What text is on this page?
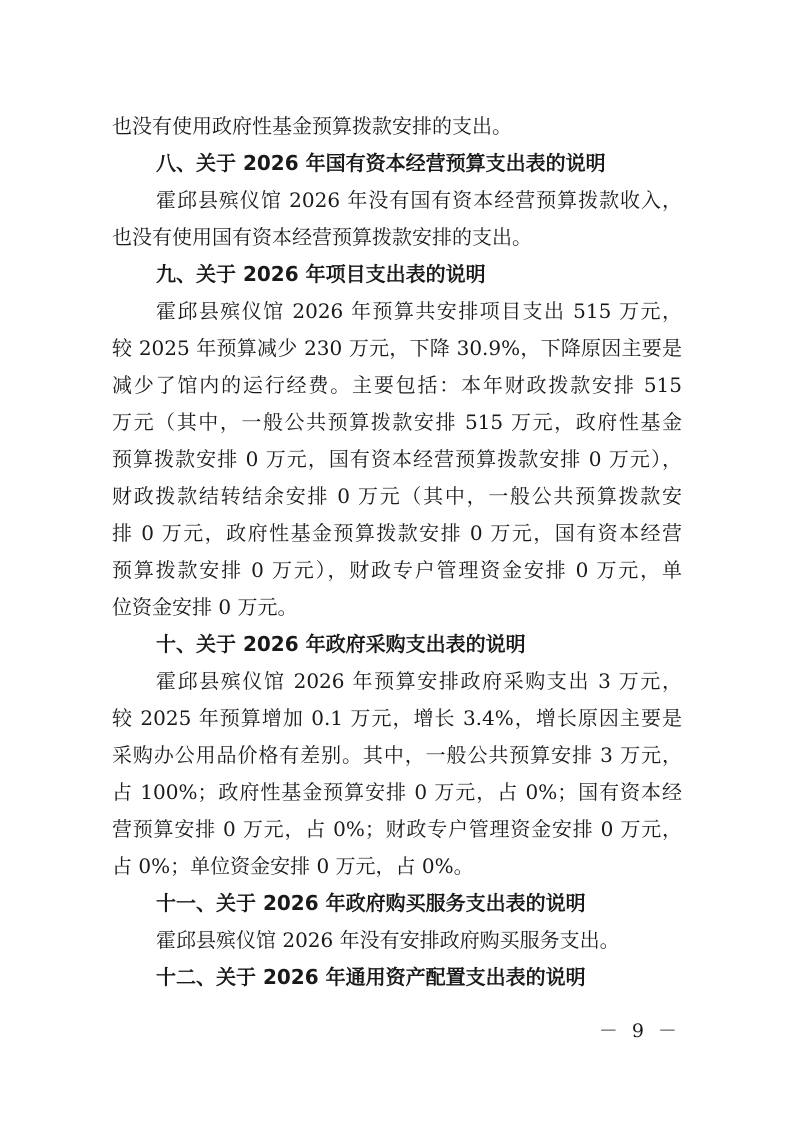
也没有使用政府性基金预算拨款安排的支出。
八、关于 2026 年国有资本经营预算支出表的说明
霍邱县殡仪馆 2026 年没有国有资本经营预算拨款收入，
也没有使用国有资本经营预算拨款安排的支出。
九、关于 2026 年项目支出表的说明
霍邱县殡仪馆 2026 年预算共安排项目支出 515 万元，
较 2025 年预算减少 230 万元，下降 30.9%，下降原因主要是
减少了馆内的运行经费。主要包括：本年财政拨款安排 515
万元（其中，一般公共预算拨款安排 515 万元，政府性基金
预算拨款安排 0 万元，国有资本经营预算拨款安排 0 万元），
财政拨款结转结余安排 0 万元（其中，一般公共预算拨款安
排 0 万元，政府性基金预算拨款安排 0 万元，国有资本经营
预算拨款安排 0 万元），财政专户管理资金安排 0 万元，单
位资金安排 0 万元。
十、关于 2026 年政府采购支出表的说明
霍邱县殡仪馆 2026 年预算安排政府采购支出 3 万元，
较 2025 年预算增加 0.1 万元，增长 3.4%，增长原因主要是
采购办公用品价格有差别。其中，一般公共预算安排 3 万元，
占 100%；政府性基金预算安排 0 万元，占 0%；国有资本经
营预算安排 0 万元，占 0%；财政专户管理资金安排 0 万元，
占 0%；单位资金安排 0 万元，占 0%。
十一、关于 2026 年政府购买服务支出表的说明
霍邱县殡仪馆 2026 年没有安排政府购买服务支出。
十二、关于 2026 年通用资产配置支出表的说明
－ 9 －
